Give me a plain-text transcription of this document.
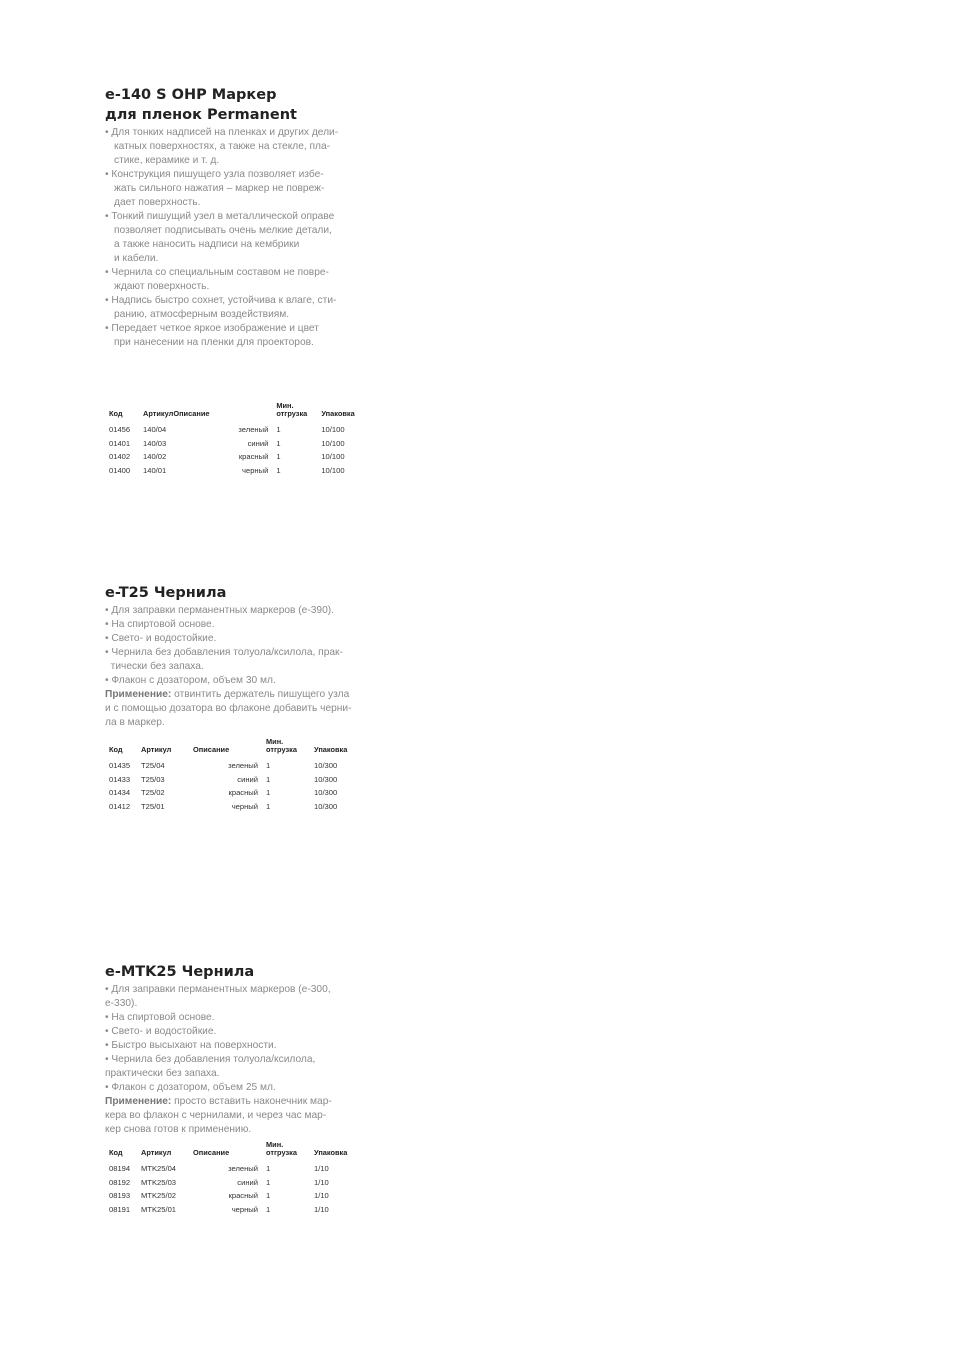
e-140 S OHP Маркер
для пленок Permanent
• Для тонких надписей на пленках и других дели-
катных поверхностях, а также на стекле, пла-
стике, керамике и т. д.
• Конструкция пишущего узла позволяет избе-
жать сильного нажатия – маркер не повреж-
дает поверхность.
• Тонкий пишущий узел в металлической оправе
позволяет подписывать очень мелкие детали,
а также наносить надписи на кембрики
и кабели.
• Чернила со специальным составом не повре-
ждают поверхность.
• Надпись быстро сохнет, устойчива к влаге, сти-
ранию, атмосферным воздействиям.
• Передает четкое яркое изображение и цвет
при нанесении на пленки для проекторов.
Код	Артикул	Описание	Мин. отгрузка	Упаковка
01456	140/04	зеленый	1	10/100
01401	140/03	синий	1	10/100
01402	140/02	красный	1	10/100
01400	140/01	черный	1	10/100
e-T25 Чернила
• Для заправки перманентных маркеров (e-390).
• На спиртовой основе.
• Свето- и водостойкие.
• Чернила без добавления толуола/ксилола, прак-
тически без запаха.
• Флакон с дозатором, объем 30 мл.
Применение: отвинтить держатель пишущего узла
и с помощью дозатора во флаконе добавить черни-
ла в маркер.
Код	Артикул	Описание	Мин. отгрузка	Упаковка
01435	T25/04	зеленый	1	10/300
01433	T25/03	синий	1	10/300
01434	T25/02	красный	1	10/300
01412	T25/01	черный	1	10/300
e-MTK25 Чернила
• Для заправки перманентных маркеров (e-300,
e-330).
• На спиртовой основе.
• Свето- и водостойкие.
• Быстро высыхают на поверхности.
• Чернила без добавления толуола/ксилола,
практически без запаха.
• Флакон с дозатором, объем 25 мл.
Применение: просто вставить наконечник мар-
кера во флакон с чернилами, и через час мар-
кер снова готов к применению.
Код	Артикул	Описание	Мин. отгрузка	Упаковка
08194	MTK25/04	зеленый	1	1/10
08192	MTK25/03	синий	1	1/10
08193	MTK25/02	красный	1	1/10
08191	MTK25/01	черный	1	1/10
